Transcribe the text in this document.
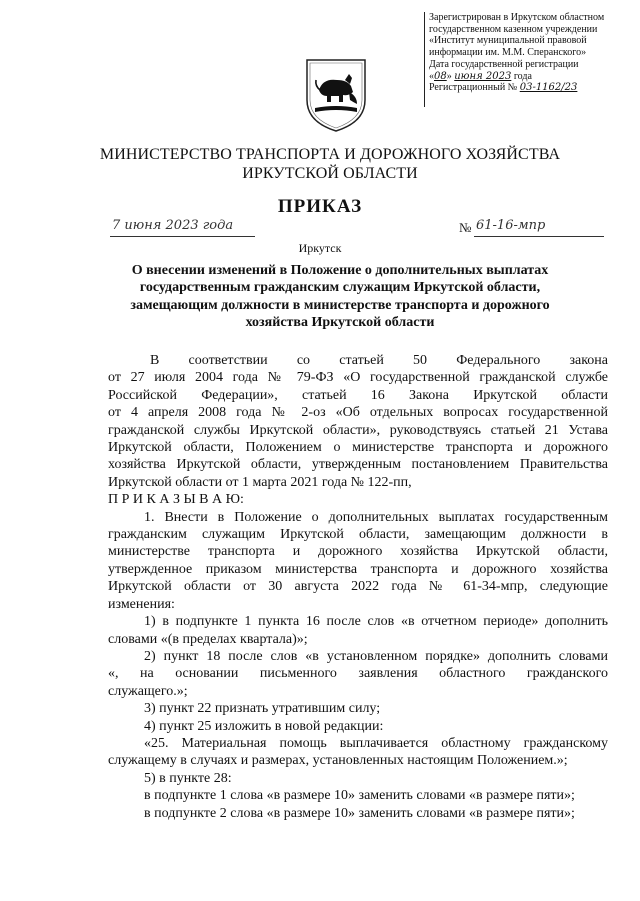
Зарегистрирован в Иркутском областном
государственном казенном учреждении
«Институт муниципальной правовой
информации им. М.М. Сперанского»
Дата государственной регистрации
«08» июня 2023 года
Регистрационный № 03-1162/23
МИНИСТЕРСТВО ТРАНСПОРТА И ДОРОЖНОГО ХОЗЯЙСТВА
ИРКУТСКОЙ ОБЛАСТИ
ПРИКАЗ
7 июня 2023 года	№ 61-16-мпр
Иркутск
О внесении изменений в Положение о дополнительных выплатах
государственным гражданским служащим Иркутской области,
замещающим должности в министерстве транспорта и дорожного
хозяйства Иркутской области

В соответствии со статьей 50 Федерального закона

от 27 июля 2004 года № 79-ФЗ «О государственной гражданской службе

Российской Федерации», статьей 16 Закона Иркутской области

от 4 апреля 2008 года № 2-оз «Об отдельных вопросах государственной

гражданской службы Иркутской области», руководствуясь статьей 21 Устава

Иркутской области, Положением о министерстве транспорта и дорожного

хозяйства Иркутской области, утвержденным постановлением Правительства

Иркутской области от 1 марта 2021 года № 122-пп,

П Р И К А З Ы В А Ю:

1. Внести в Положение о дополнительных выплатах государственным

гражданским служащим Иркутской области, замещающим должности в

министерстве транспорта и дорожного хозяйства Иркутской области,

утвержденное приказом министерства транспорта и дорожного хозяйства

Иркутской области от 30 августа 2022 года № 61-34-мпр, следующие

изменения:

1) в подпункте 1 пункта 16 после слов «в отчетном периоде» дополнить

словами «(в пределах квартала)»;

2) пункт 18 после слов «в установленном порядке» дополнить словами

«, на основании письменного заявления областного гражданского

служащего.»;

3) пункт 22 признать утратившим силу;

4) пункт 25 изложить в новой редакции:

«25. Материальная помощь выплачивается областному гражданскому

служащему в случаях и размерах, установленных настоящим Положением.»;

5) в пункте 28:

в подпункте 1 слова «в размере 10» заменить словами «в размере пяти»;

в подпункте 2 слова «в размере 10» заменить словами «в размере пяти»;
